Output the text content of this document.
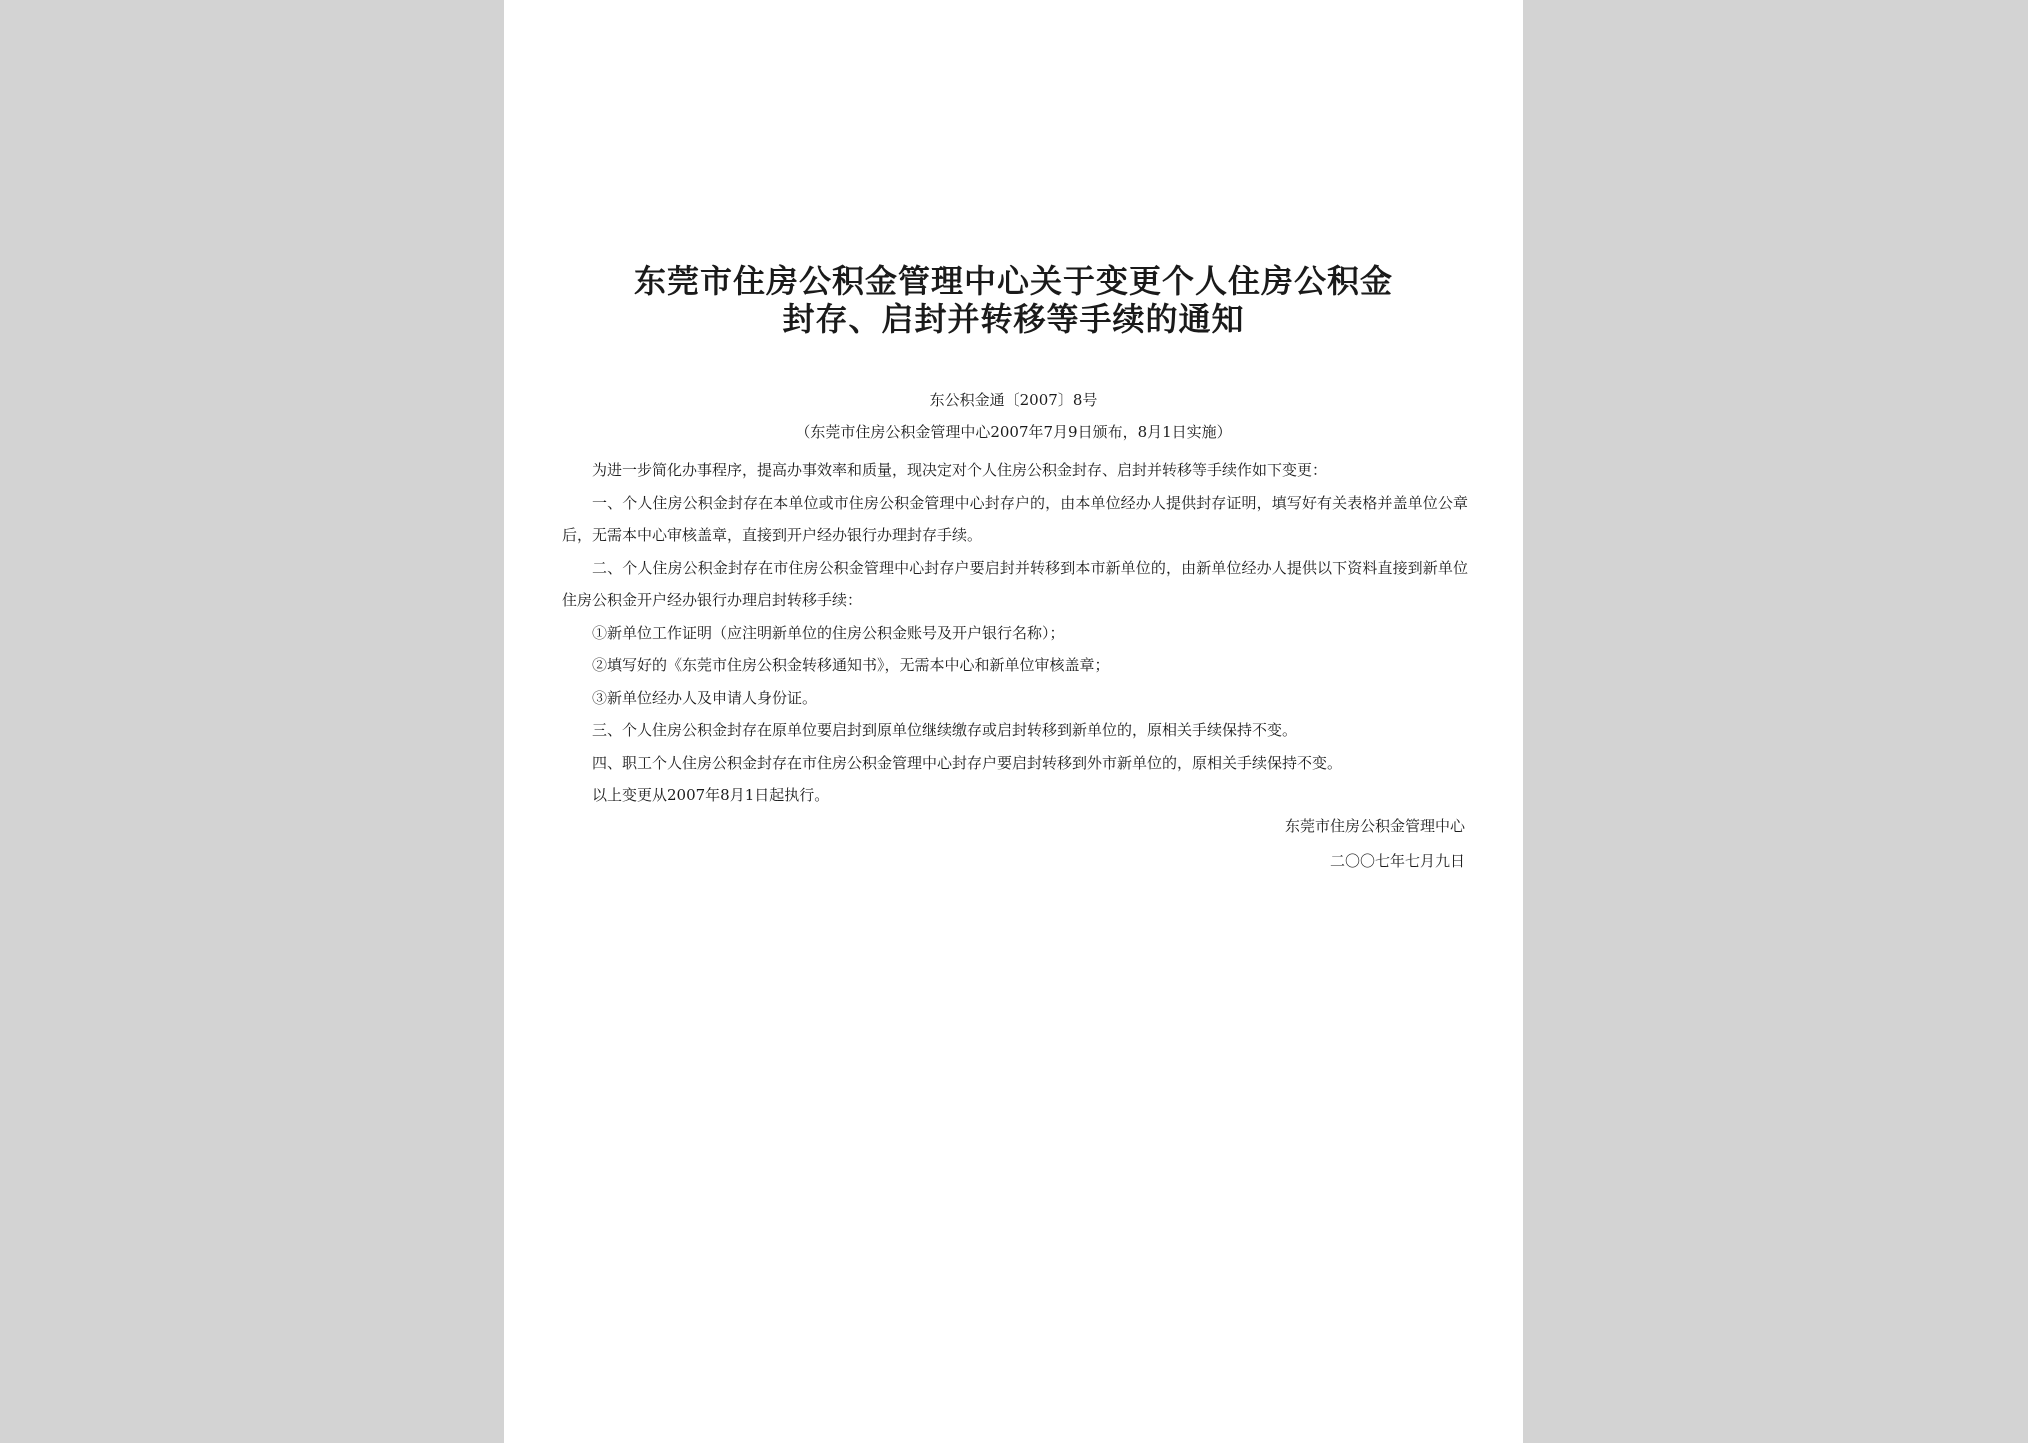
东莞市住房公积金管理中心关于变更个人住房公积金
封存、启封并转移等手续的通知
东公积金通〔2007〕8号
（东莞市住房公积金管理中心2007年7月9日颁布，8月1日实施）

为进一步简化办事程序，提高办事效率和质量，现决定对个人住房公积金封存、启封并转移等手续作如下变更：

一、个人住房公积金封存在本单位或市住房公积金管理中心封存户的，由本单位经办人提供封存证明，填写好有关表格并盖单位公章后，无需本中心审核盖章，直接到开户经办银行办理封存手续。

二、个人住房公积金封存在市住房公积金管理中心封存户要启封并转移到本市新单位的，由新单位经办人提供以下资料直接到新单位住房公积金开户经办银行办理启封转移手续：

①新单位工作证明（应注明新单位的住房公积金账号及开户银行名称）；

②填写好的《东莞市住房公积金转移通知书》，无需本中心和新单位审核盖章；

③新单位经办人及申请人身份证。

三、个人住房公积金封存在原单位要启封到原单位继续缴存或启封转移到新单位的，原相关手续保持不变。

四、职工个人住房公积金封存在市住房公积金管理中心封存户要启封转移到外市新单位的，原相关手续保持不变。

以上变更从2007年8月1日起执行。

东莞市住房公积金管理中心
二〇〇七年七月九日
